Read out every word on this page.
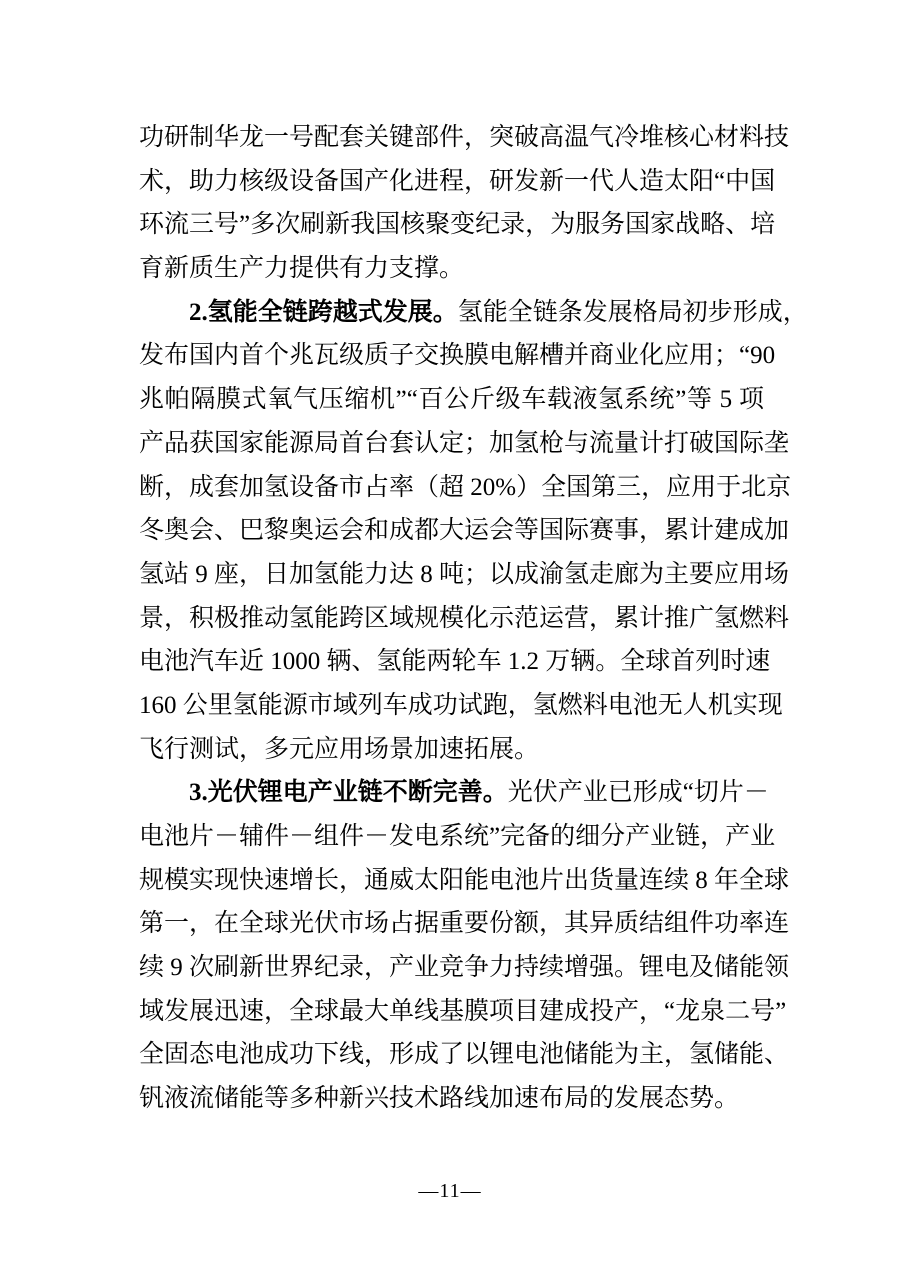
功研制华龙一号配套关键部件，突破高温气冷堆核心材料技
术，助力核级设备国产化进程，研发新一代人造太阳“中国
环流三号”多次刷新我国核聚变纪录，为服务国家战略、培
育新质生产力提供有力支撑。
2.氢能全链跨越式发展。氢能全链条发展格局初步形成，
发布国内首个兆瓦级质子交换膜电解槽并商业化应用；“90
兆帕隔膜式氧气压缩机”“百公斤级车载液氢系统”等 5 项
产品获国家能源局首台套认定；加氢枪与流量计打破国际垄
断，成套加氢设备市占率（超 20%）全国第三，应用于北京
冬奥会、巴黎奥运会和成都大运会等国际赛事，累计建成加
氢站 9 座，日加氢能力达 8 吨；以成渝氢走廊为主要应用场
景，积极推动氢能跨区域规模化示范运营，累计推广氢燃料
电池汽车近 1000 辆、氢能两轮车 1.2 万辆。全球首列时速
160 公里氢能源市域列车成功试跑，氢燃料电池无人机实现
飞行测试，多元应用场景加速拓展。
3.光伏锂电产业链不断完善。光伏产业已形成“切片－
电池片－辅件－组件－发电系统”完备的细分产业链，产业
规模实现快速增长，通威太阳能电池片出货量连续 8 年全球
第一，在全球光伏市场占据重要份额，其异质结组件功率连
续 9 次刷新世界纪录，产业竞争力持续增强。锂电及储能领
域发展迅速，全球最大单线基膜项目建成投产，“龙泉二号”
全固态电池成功下线，形成了以锂电池储能为主，氢储能、
钒液流储能等多种新兴技术路线加速布局的发展态势。
—11—
